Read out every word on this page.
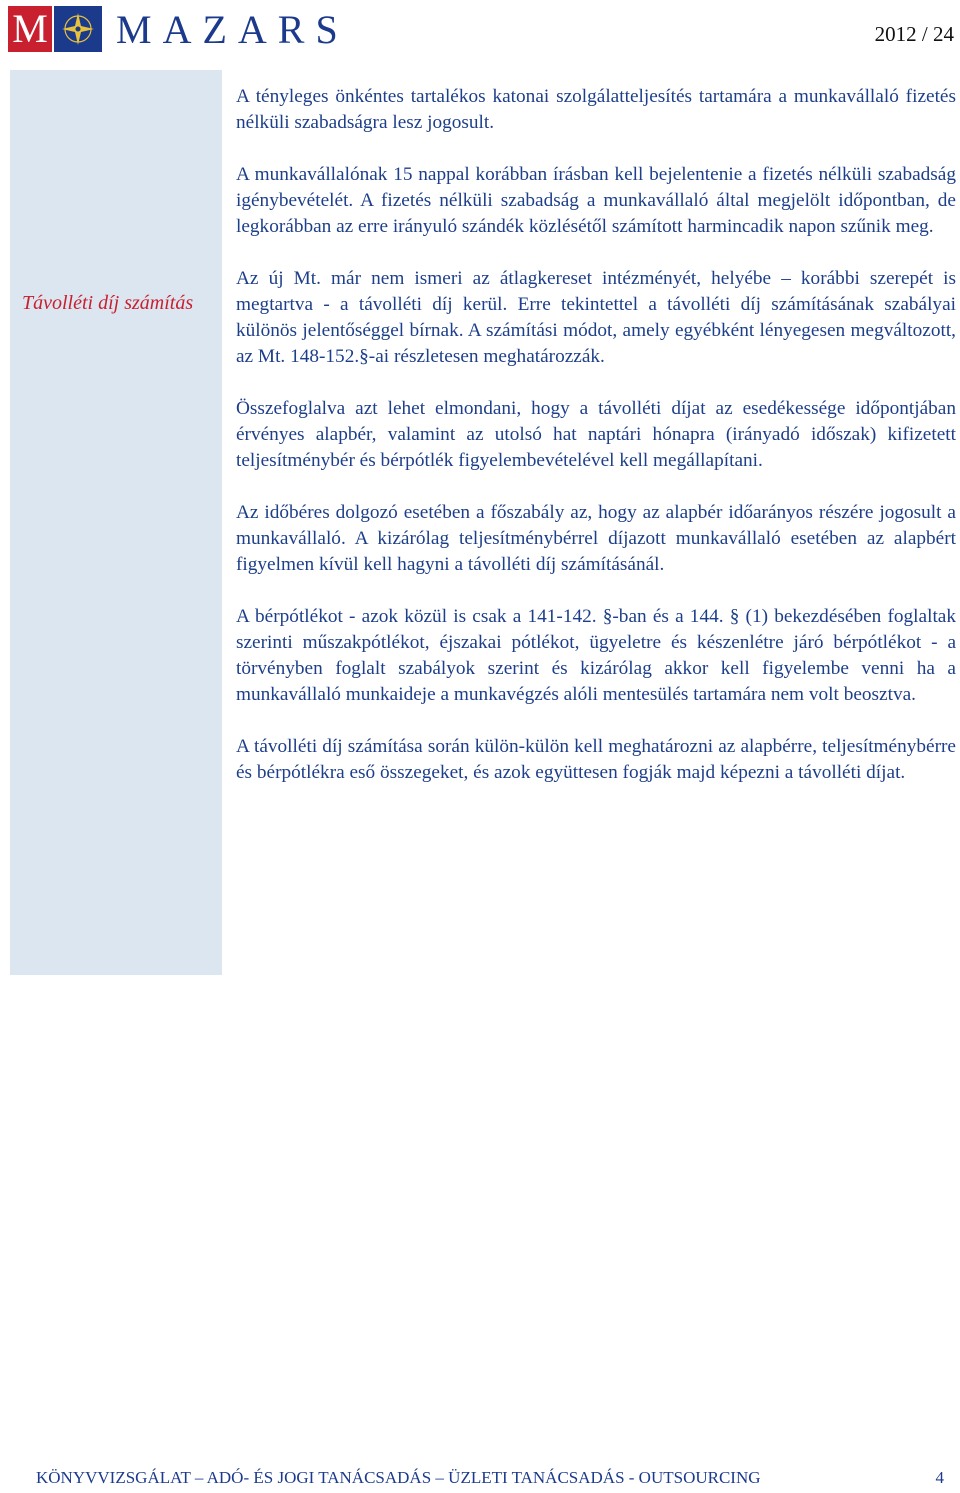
M MAZARS	2012 / 24
Távolléti díj számítás

A tényleges önkéntes tartalékos katonai szolgálatteljesítés tartamára a munkavállaló fizetés nélküli szabadságra lesz jogosult.

A munkavállalónak 15 nappal korábban írásban kell bejelentenie a fizetés nélküli szabadság igénybevételét. A fizetés nélküli szabadság a munkavállaló által megjelölt időpontban, de legkorábban az erre irányuló szándék közlésétől számított harmincadik napon szűnik meg.

Az új Mt. már nem ismeri az átlagkereset intézményét, helyébe – korábbi szerepét is megtartva - a távolléti díj kerül. Erre tekintettel a távolléti díj számításának szabályai különös jelentőséggel bírnak. A számítási módot, amely egyébként lényegesen megváltozott, az Mt. 148-152.§-ai részletesen meghatározzák.

Összefoglalva azt lehet elmondani, hogy a távolléti díjat az esedékessége időpontjában érvényes alapbér, valamint az utolsó hat naptári hónapra (irányadó időszak) kifizetett teljesítménybér és bérpótlék figyelembevételével kell megállapítani.

Az időbéres dolgozó esetében a főszabály az, hogy az alapbér időarányos részére jogosult a munkavállaló. A kizárólag teljesítménybérrel díjazott munkavállaló esetében az alapbért figyelmen kívül kell hagyni a távolléti díj számításánál.

A bérpótlékot - azok közül is csak a 141-142. §-ban és a 144. § (1) bekezdésében foglaltak szerinti műszakpótlékot, éjszakai pótlékot, ügyeletre és készenlétre járó bérpótlékot - a törvényben foglalt szabályok szerint és kizárólag akkor kell figyelembe venni ha a munkavállaló munkaideje a munkavégzés alóli mentesülés tartamára nem volt beosztva.

A távolléti díj számítása során külön-külön kell meghatározni az alapbérre, teljesítménybérre és bérpótlékra eső összegeket, és azok együttesen fogják majd képezni a távolléti díjat.

KÖNYVVIZSGÁLAT – ADÓ- ÉS JOGI TANÁCSADÁS – ÜZLETI TANÁCSADÁS - OUTSOURCING	4
